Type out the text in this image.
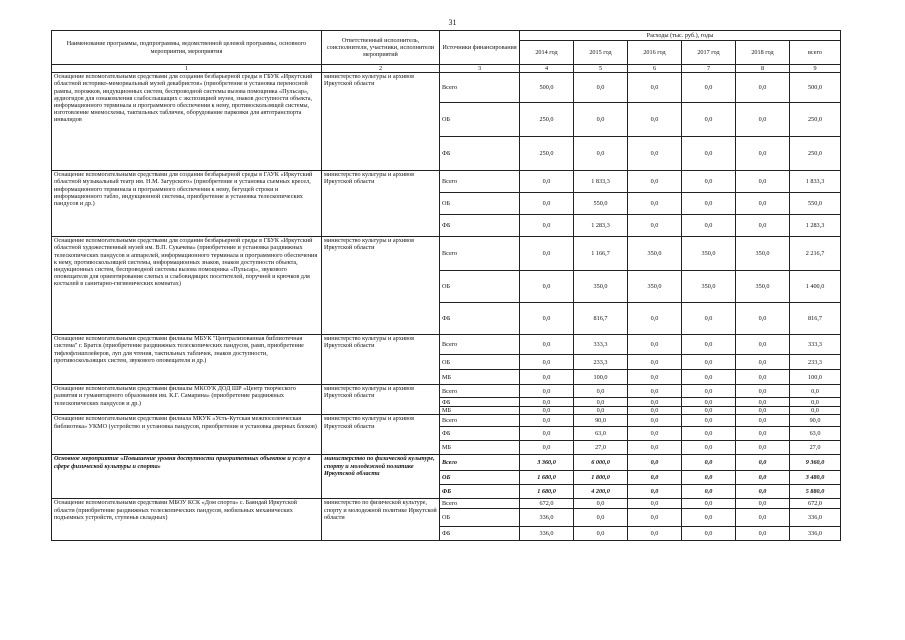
31
Наименование программы, подпрограммы, ведомственной целевой программы, основного мероприятия, мероприятия	Ответственный исполнитель, соисполнители, участники, исполнители мероприятий	Источники финансирования	Расходы (тыс. руб.), годы					
			2014 год	2015 год	2016 год	2017 год	2018 год	всего
1	2	3	4	5	6	7	8	9
Оснащение вспомогательными средствами для создания безбарьерной среды в ГБУК «Иркутский областной историко-мемориальный музей декабристов» (приобретение и установка переносной рампы, порожков, индукционных систем, беспроводной системы вызова помощника «Пульсар», аудиогидов для ознакомления слабослышащих с экспозицией музея, знаков доступности объекта, информационного терминала и программного обеспечения к нему, противоскользящей системы, изготовление мнемосхемы, тактильных табличек, оборудование парковки для автотранспорта инвалидов	министерство культуры и архивов Иркутской области	Всего	500,0	0,0	0,0	0,0	0,0	500,0
		ОБ	250,0	0,0	0,0	0,0	0,0	250,0
		ФБ	250,0	0,0	0,0	0,0	0,0	250,0
Оснащение вспомогательными средствами для создания безбарьерной среды в ГАУК «Иркутский областной музыкальный театр им. Н.М. Загурского» (приобретение и установка съемных кресел, информационного терминала и программного обеспечения к нему, бегущей строки и информационного табло, индукционной системы, приобретение и установка телескопических пандусов и др.)	министерство культуры и архивов Иркутской области	Всего	0,0	1 833,3	0,0	0,0	0,0	1 833,3
		ОБ	0,0	550,0	0,0	0,0	0,0	550,0
		ФБ	0,0	1 283,3	0,0	0,0	0,0	1 283,3
Оснащение вспомогательными средствами для создания безбарьерной среды в ГБУК «Иркутский областной художественный музей им. В.П. Сукачева» (приобретение и установка раздвижных телескопических пандусов и аппарелей, информационного терминала и программного обеспечения к нему, противоскользящей системы, информационных знаков, знаков доступности объекта, индукционных систем, беспроводной системы вызова помощника «Пульсар», звукового оповещателя для ориентирования слепых и слабовидящих посетителей, поручней и крючков для костылей в санитарно-гигиенических комнатах)	министерство культуры и архивов Иркутской области	Всего	0,0	1 166,7	350,0	350,0	350,0	2 216,7
		ОБ	0,0	350,0	350,0	350,0	350,0	1 400,0
		ФБ	0,0	816,7	0,0	0,0	0,0	816,7
Оснащение вспомогательными средствами филиалы МБУК "Централизованная библиотечная система" г. Братск (приобретение раздвижных телескопических пандусов, рамп, приобретение тифлофлэшплейеров, луп для чтения, тактильных табличек, знаков доступности, противоскользящих систем, звукового оповещателя и др.)	министерство культуры и архивов Иркутской области	Всего	0,0	333,3	0,0	0,0	0,0	333,3
		ОБ	0,0	233,3	0,0	0,0	0,0	233,3
		МБ	0,0	100,0	0,0	0,0	0,0	100,0
Оснащение вспомогательными средствами филиалы МКОУК ДОД ШР «Центр творческого развития и гуманитарного образования им. К.Г. Самарина» (приобретение раздвижных телескопических пандусов и др.)	министерство культуры и архивов Иркутской области	Всего	0,0	0,0	0,0	0,0	0,0	0,0
		ФБ	0,0	0,0	0,0	0,0	0,0	0,0
		МБ	0,0	0,0	0,0	0,0	0,0	0,0
Оснащение вспомогательными средствами филиала МКУК «Усть-Кутская межпоселенческая библиотека» УКМО (устройство и установка пандусов, приобретение и установка дверных блоков)	министерство культуры и архивов Иркутской области	Всего	0,0	90,0	0,0	0,0	0,0	90,0
		ФБ	0,0	63,0	0,0	0,0	0,0	63,0
		МБ	0,0	27,0	0,0	0,0	0,0	27,0
Основное мероприятие «Повышение уровня доступности приоритетных объектов и услуг в сфере физической культуры и спорта»	министерство по физической культуре, спорту и молодежной политике Иркутской области	Всего	3 360,0	6 000,0	0,0	0,0	0,0	9 360,0
		ОБ	1 680,0	1 800,0	0,0	0,0	0,0	3 480,0
		ФБ	1 680,0	4 200,0	0,0	0,0	0,0	5 880,0
Оснащение вспомогательными средствами МБОУ КСК «Дом спорта» с. Баяндай Иркутской области (приобретение раздвижных телескопических пандусов, мобильных механических подъемных устройств, ступеньв складных)	министерство по физической культуре, спорту и молодежной политике Иркутской области	Всего	672,0	0,0	0,0	0,0	0,0	672,0
		ОБ	336,0	0,0	0,0	0,0	0,0	336,0
		ФБ	336,0	0,0	0,0	0,0	0,0	336,0
